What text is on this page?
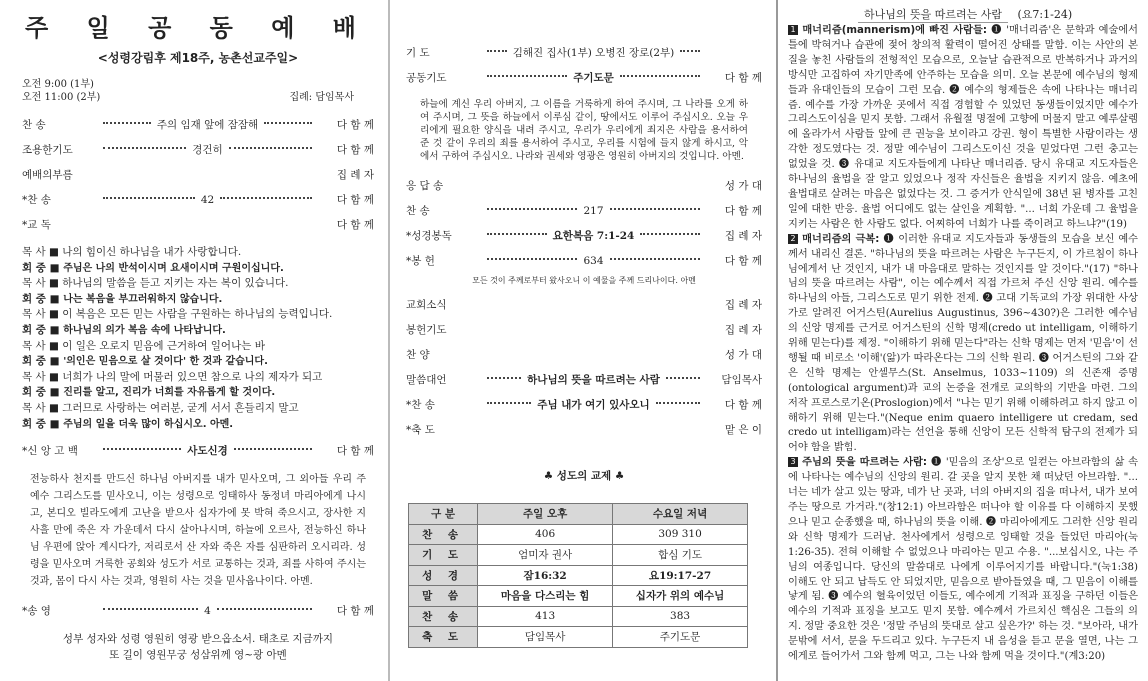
주 일 공 동 예 배
<성령강림후 제18주, 농촌선교주일>
오전 9:00 (1부)
오전 11:00 (2부)	집례: 담임목사
찬 송	주의 임재 앞에 잠잠해	다 함 께
조용한기도	경건히	다 함 께
예배의부름	집 례 자
*찬 송	42	다 함 께
*교 독	다 함 께
목 사 ■ 나의 힘이신 하나님을 내가 사랑합니다.
회 중 ■ 주님은 나의 반석이시며 요새이시며 구원이십니다.
목 사 ■ 하나님의 말씀을 듣고 지키는 자는 복이 있습니다.
회 중 ■ 나는 복음을 부끄러워하지 않습니다.
목 사 ■ 이 복음은 모든 믿는 사람을 구원하는 하나님의 능력입니다.
회 중 ■ 하나님의 의가 복음 속에 나타납니다.
목 사 ■ 이 일은 오로지 믿음에 근거하여 일어나는 바
회 중 ■ '의인은 믿음으로 살 것이다' 한 것과 같습니다.
목 사 ■ 너희가 나의 말에 머물러 있으면 참으로 나의 제자가 되고
회 중 ■ 진리를 알고, 진리가 너희를 자유롭게 할 것이다.
목 사 ■ 그러므로 사랑하는 여러분, 굳게 서서 흔들리지 말고
회 중 ■ 주님의 일을 더욱 많이 하십시오. 아멘.
*신 앙 고 백	사도신경	다 함 께
전능하사 천지를 만드신 하나님 아버지를 내가 믿사오며, 그 외아들 우리 주 예수 그리스도를 믿사오니, 이는 성령으로 잉태하사 동정녀 마리아에게 나시고, 본디오 빌라도에게 고난을 받으사 십자가에 못 박혀 죽으시고, 장사한 지 사흘 만에 죽은 자 가운데서 다시 살아나시며, 하늘에 오르사, 전능하신 하나님 우편에 앉아 계시다가, 저리로서 산 자와 죽은 자를 심판하러 오시리라. 성령을 믿사오며 거룩한 공회와 성도가 서로 교통하는 것과, 죄를 사하여 주시는 것과, 몸이 다시 사는 것과, 영원히 사는 것을 믿사옵나이다. 아멘.
*송 영	4	다 함 께
성부 성자와 성령 영원히 영광 받으옵소서. 태초로 지금까지
또 길이 영원무궁 성삼위께 영~광 아멘
기 도	김해진 집사(1부) 오병진 장로(2부)
공동기도	주기도문	다 함 께
하늘에 계신 우리 아버지, 그 이름을 거룩하게 하여 주시며, 그 나라를 오게 하여 주시며, 그 뜻을 하늘에서 이루심 같이, 땅에서도 이루어 주십시오. 오늘 우리에게 필요한 양식을 내려 주시고, 우리가 우리에게 죄지은 사람을 용서하여 준 것 같이 우리의 죄를 용서하여 주시고, 우리를 시험에 들지 않게 하시고, 악에서 구하여 주십시오. 나라와 권세와 영광은 영원히 아버지의 것입니다. 아멘.
응 답 송	성 가 대
찬 송	217	다 함 께
*성경봉독	요한복음 7:1-24	집 례 자
*봉 헌	634	다 함 께
모든 것이 주께로부터 왔사오니 이 예물을 주께 드리나이다. 아멘
교회소식	집 례 자
봉헌기도	집 례 자
찬 양	성 가 대
말씀대언	하나님의 뜻을 따르려는 사람	담임목사
*찬 송	주님 내가 여기 있사오니	다 함 께
*축 도	맡 은 이
♣ 성도의 교제 ♣
구 분	주일 오후	수요일 저녁
찬 송	406	309 310
기 도	엄미자 권사	합심 기도
성 경	잠16:32	요19:17-27
말 씀	마음을 다스리는 힘	십자가 위의 예수님
찬 송	413	383
축 도	담임목사	주기도문
하나님의 뜻을 따르려는 사람 (요7:1-24)

1 매너리즘(mannerism)에 빠진 사람들: ❶ '매너리즘'은 문학과 예술에서 틀에 박혀거나 습관에 젖어 창의적 활력이 떨어진 상태를 말함. 이는 사안의 본질을 놓친 사람들의 전형적인 모습으로, 오늘날 습관적으로 반복하거나 과거의 방식만 고집하여 자기만족에 안주하는 모습을 의미. 오늘 본문에 예수님의 형제들과 유대인들의 모습이 그런 모습. ❷ 예수의 형제들은 속에 나타나는 매너리즘. 예수를 가장 가까운 곳에서 직접 경험할 수 있었던 동생들이었지만 예수가 그리스도이심을 믿지 못함. 그래서 유월절 명절에 고향에 머물지 말고 예루살렘에 올라가서 사람들 앞에 큰 권능을 보이라고 강권. 형이 특별한 사람이라는 생각한 정도였다는 것. 정말 예수님이 그리스도이신 것을 믿었다면 그런 충고는 없었을 것. ❸ 유대교 지도자들에게 나타난 매너리즘. 당시 유대교 지도자들은 하나님의 율법을 잘 알고 있었으나 정작 자신들은 율법을 지키지 않음. 예초에 율법대로 살려는 마음은 없었다는 것. 그 증거가 안식일에 38년 된 병자를 고친 일에 대한 반응. 율법 어디에도 없는 살인을 계획함. "... 너희 가운데 그 율법을 지키는 사람은 한 사람도 없다. 어찌하여 너희가 나를 죽이려고 하느냐?"(19)

2 매너리즘의 극복: ❶ 이러한 유대교 지도자들과 동생들의 모습을 보신 예수께서 내리신 결론. "하나님의 뜻을 따르려는 사람은 누구든지, 이 가르침이 하나님에게서 난 것인지, 내가 내 마음대로 말하는 것인지를 알 것이다."(17) "하나님의 뜻을 따르려는 사람", 이는 예수께서 직접 가르쳐 주신 신앙 원리. 예수를 하나님의 아들, 그리스도로 믿기 위한 전제. ❷ 고대 기독교의 가장 위대한 사상가로 알려진 어거스틴(Aurelius Augustinus, 396~430?)은 그러한 예수님의 신앙 명제를 근거로 어거스틴의 신학 명제(credo ut intelligam, 이해하기 위해 믿는다)를 제정. "이해하기 위해 믿는다"라는 신학 명제는 먼저 '믿음'이 선행될 때 비로소 '이해'(앎)가 따라온다는 그의 신학 원리. ❸ 어거스틴의 그와 같은 신학 명제는 안셀무스(St. Anselmus, 1033~1109) 의 신존재 증명(ontological argument)과 교의 논증을 전개로 교의학의 기반을 마련. 그의 저작 프로스로기온(Proslogion)에서 "나는 믿기 위해 이해하려고 하지 않고 이해하기 위해 믿는다."(Neque enim quaero intelligere ut credam, sed credo ut intelligam)라는 선언을 통해 신앙이 모든 신학적 탐구의 전제가 되어야 함을 밝힘.

3 주님의 뜻을 따르려는 사람: ❶ '믿음의 조상'으로 일컫는 아브라함의 삶 속에 나타나는 예수님의 신앙의 원리. 갈 곳을 알지 못한 채 떠났던 아브라함. "...너는 네가 살고 있는 땅과, 네가 난 곳과, 너의 아버지의 집을 떠나서, 내가 보여 주는 땅으로 가거라."(창12:1) 아브라함은 떠나야 할 이유를 다 이해하지 못했으나 믿고 순종했을 때, 하나님의 뜻을 이해. ❷ 마리아에게도 그러한 신앙 원리와 신학 명제가 드러남. 천사에게서 성령으로 잉태할 것을 들었던 마리아(눅1:26-35). 전혀 이해할 수 없었으나 마리아는 믿고 수용. "...보십시오, 나는 주님의 여종입니다. 당신의 말씀대로 나에게 이루어지기를 바랍니다."(눅1:38) 이해도 안 되고 납득도 안 되었지만, 믿음으로 받아들였을 때, 그 믿음이 이해를 낳게 됨. ❸ 예수의 혈육이었던 이들도, 예수에게 기적과 표징을 구하던 이들은 예수의 기적과 표징을 보고도 믿지 못함. 예수께서 가르치신 핵심은 그들의 의지. 정말 중요한 것은 '정말 주님의 뜻대로 살고 싶은가?' 하는 것. "보아라, 내가 문밖에 서서, 문을 두드리고 있다. 누구든지 내 음성을 듣고 문을 열면, 나는 그에게로 들어가서 그와 함께 먹고, 그는 나와 함께 먹을 것이다."(계3:20)
